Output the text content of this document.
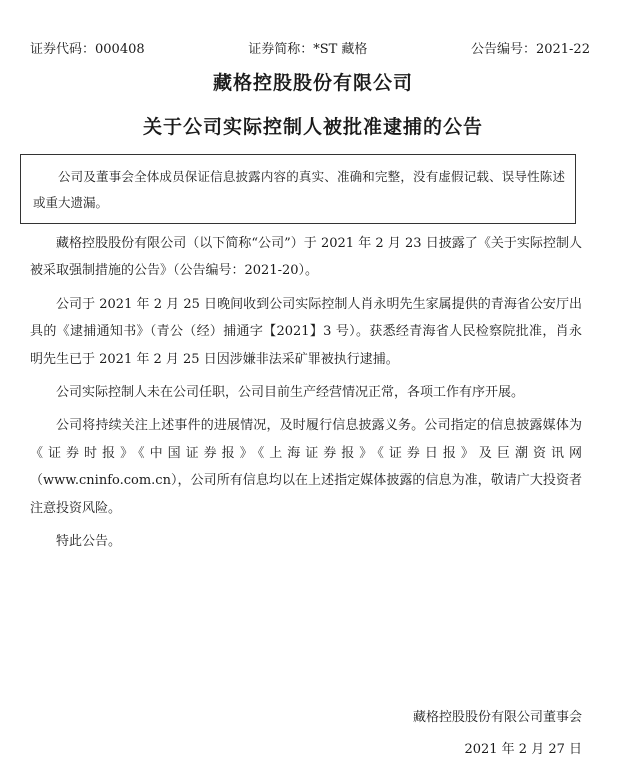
证券代码：000408	证券简称：*ST 藏格	公告编号：2021-22
藏格控股股份有限公司
关于公司实际控制人被批准逮捕的公告
公司及董事会全体成员保证信息披露内容的真实、准确和完整，没有虚假记载、误导性陈述或重大遗漏。

藏格控股股份有限公司（以下简称“公司”）于 2021 年 2 月 23 日披露了《关于实际控制人被采取强制措施的公告》（公告编号：2021-20）。

公司于 2021 年 2 月 25 日晚间收到公司实际控制人肖永明先生家属提供的青海省公安厅出具的《逮捕通知书》（青公（经）捕通字【2021】3 号）。获悉经青海省人民检察院批准，肖永明先生已于 2021 年 2 月 25 日因涉嫌非法采矿罪被执行逮捕。

公司实际控制人未在公司任职，公司目前生产经营情况正常，各项工作有序开展。

公司将持续关注上述事件的进展情况，及时履行信息披露义务。公司指定的信息披露媒体为《证券时报》《中国证券报》《上海证券报》《证券日报》及巨潮资讯网（www.cninfo.com.cn），公司所有信息均以在上述指定媒体披露的信息为准，敬请广大投资者注意投资风险。

特此公告。

藏格控股股份有限公司董事会
2021 年 2 月 27 日
